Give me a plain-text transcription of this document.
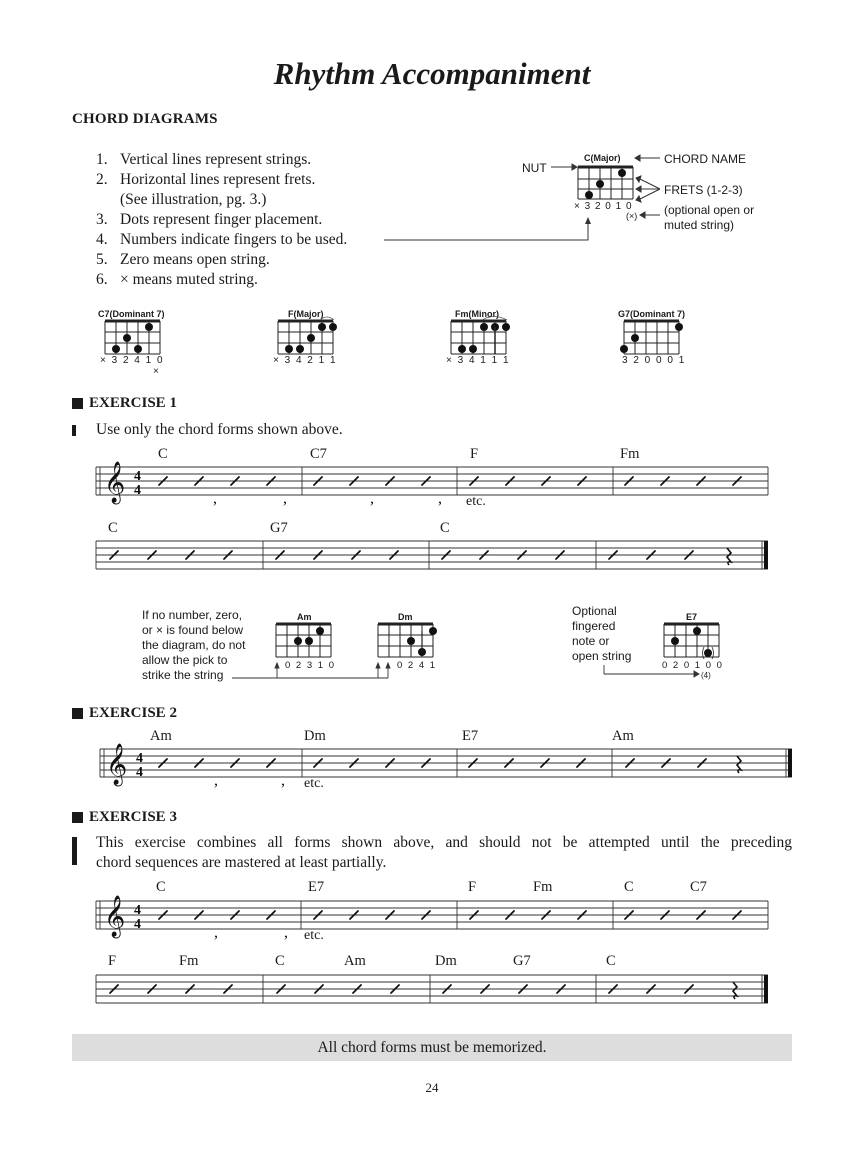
Rhythm Accompaniment
CHORD DIAGRAMS
1. Vertical lines represent strings.
2. Horizontal lines represent frets.
(See illustration, pg. 3.)
3. Dots represent finger placement.
4. Numbers indicate fingers to be used.
5. Zero means open string.
6. × means muted string.
C(Major)
NUT
CHORD NAME
FRETS (1-2-3)
(optional open or
muted string)
× 3 2 0 1 0
(×)
C7(Dominant 7)	F(Major)	Fm(Minor)	G7(Dominant 7)
× 3 2 4 1 0
×
× 3 4 2 1 1	× 3 4 1 1 1	3 2 0 0 0 1
EXERCISE 1
Use only the chord forms shown above.
C	C7	F	Fm
etc.
C	G7	C
𝄞 4
4	,	,	,	,
If no number, zero,
or × is found below
the diagram, do not
allow the pick to
strike the string
Optional
fingered
note or
open string
Am	Dm	E7
0 2 3 1 0	0 2 4 1	0 2 0 1 0 0
(4)
EXERCISE 2
Am	Dm	E7	Am
etc.
𝄞 4
4	,	,
EXERCISE 3
This exercise combines all forms shown above, and should not be attempted until the preceding
chord sequences are mastered at least partially.
C	E7	F	Fm	C	C7
etc.
F	Fm	C	Am	Dm	G7	C
𝄞 4
4	,	,
All chord forms must be memorized.
24
